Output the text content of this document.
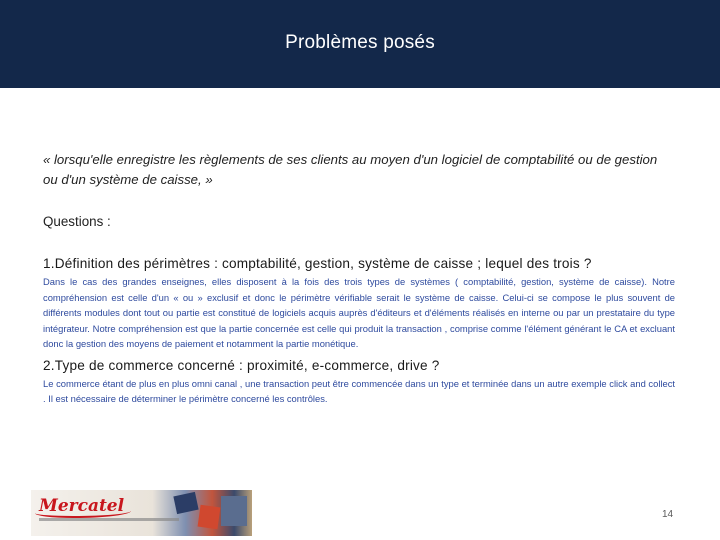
Problèmes posés

« lorsqu'elle enregistre les règlements de ses clients au moyen d'un logiciel de comptabilité ou de gestion ou d'un système de caisse, »

Questions :

1.Définition des périmètres : comptabilité, gestion, système de caisse ; lequel des trois ?

Dans le cas des grandes enseignes, elles disposent à la fois des trois types de systèmes ( comptabilité, gestion, système de caisse). Notre compréhension est celle d'un « ou » exclusif et donc le périmètre vérifiable serait le système de caisse. Celui-ci se compose le plus souvent de différents modules dont tout ou partie est constitué de logiciels acquis auprès d'éditeurs et d'éléments réalisés en interne ou par un prestataire du type intégrateur. Notre compréhension est que la partie concernée est celle qui produit la transaction , comprise comme l'élément générant le CA et excluant donc la gestion des moyens de paiement et notamment la partie monétique.

2.Type de commerce concerné : proximité, e-commerce, drive ?

Le commerce étant de plus en plus omni canal , une transaction peut être commencée dans un type et terminée dans un autre exemple click and collect . Il est nécessaire de déterminer le périmètre concerné les contrôles.

Mercatel	14
